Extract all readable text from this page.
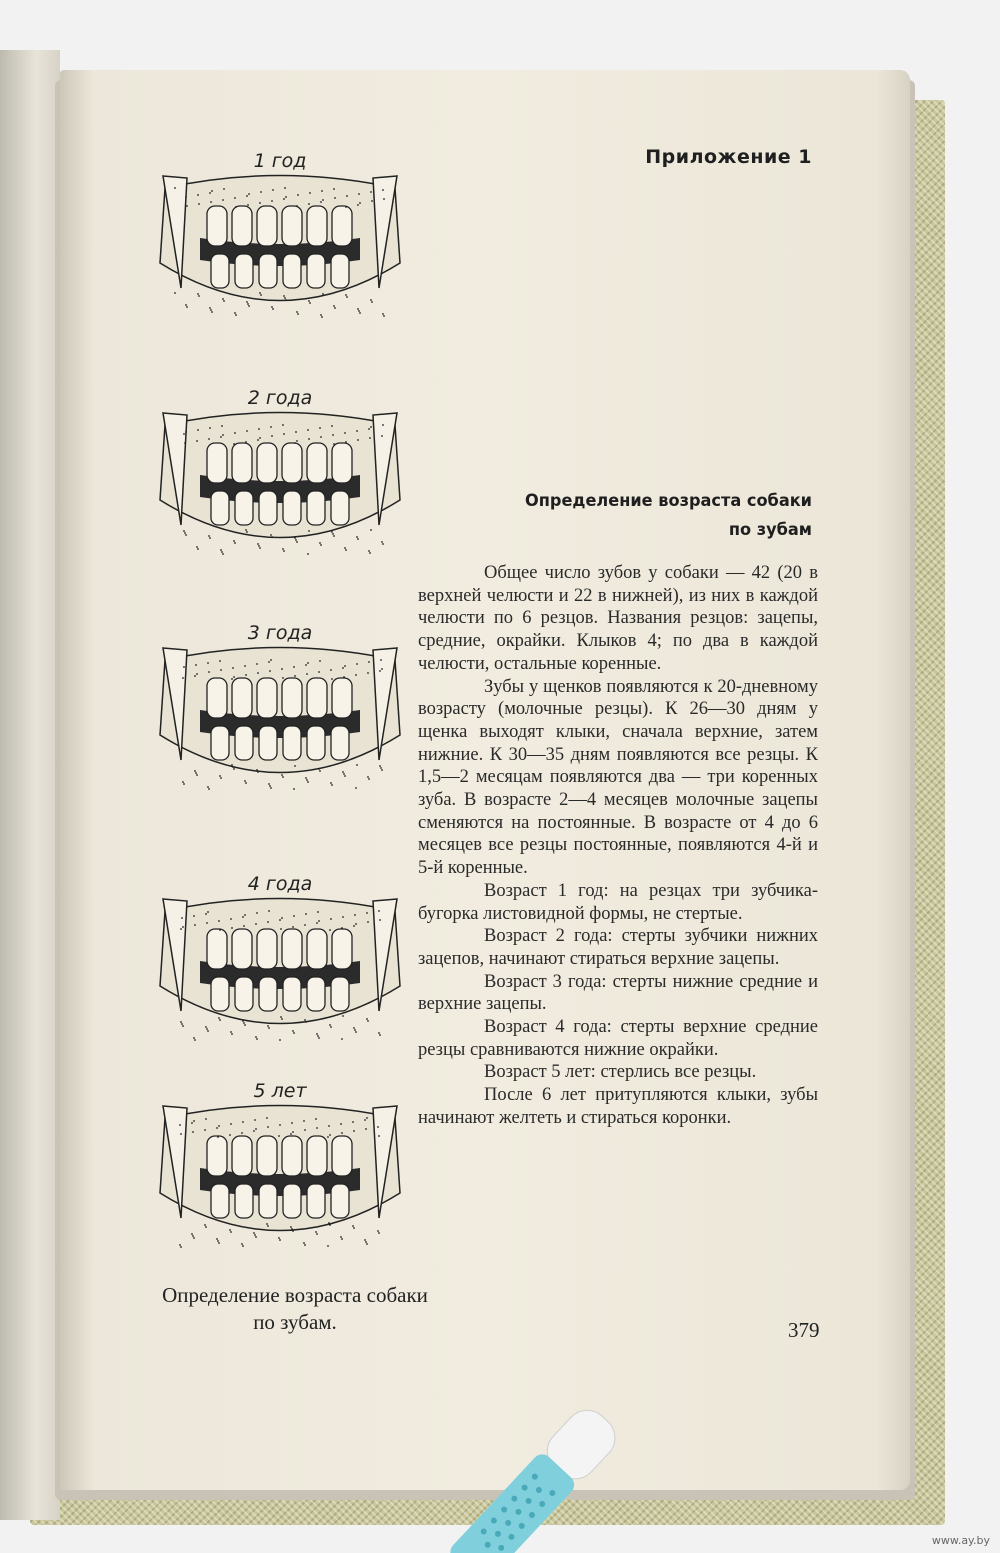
Приложение 1
Определение возраста собаки
по зубам

Общее число зубов у собаки — 42 (20 в верхней челюсти и 22 в нижней), из них в каждой челюсти по 6 резцов. Названия резцов: зацепы, средние, окрайки. Клыков 4; по два в каждой челюсти, остальные коренные.

Зубы у щенков появляются к 20-дневному возрасту (молочные резцы). К 26—30 дням у щенка выходят клыки, сначала верхние, затем нижние. К 30—35 дням появляются все резцы. К 1,5—2 месяцам появляются два — три коренных зуба. В возрасте 2—4 месяцев молочные зацепы сменяются на постоянные. В возрасте от 4 до 6 месяцев все резцы постоянные, появляются 4-й и 5-й коренные.

Возраст 1 год: на резцах три зубчика-бугорка листовидной формы, не стертые.

Возраст 2 года: стерты зубчики нижних зацепов, начинают стираться верхние зацепы.

Возраст 3 года: стерты нижние средние и верхние зацепы.

Возраст 4 года: стерты верхние средние резцы сравниваются нижние окрайки.

Возраст 5 лет: стерлись все резцы.

После 6 лет притупляются клыки, зубы начинают желтеть и стираться коронки.

1 год
2 года
3 года
4 года
5 лет
Определение возраста собаки по зубам.	379
www.ay.by
